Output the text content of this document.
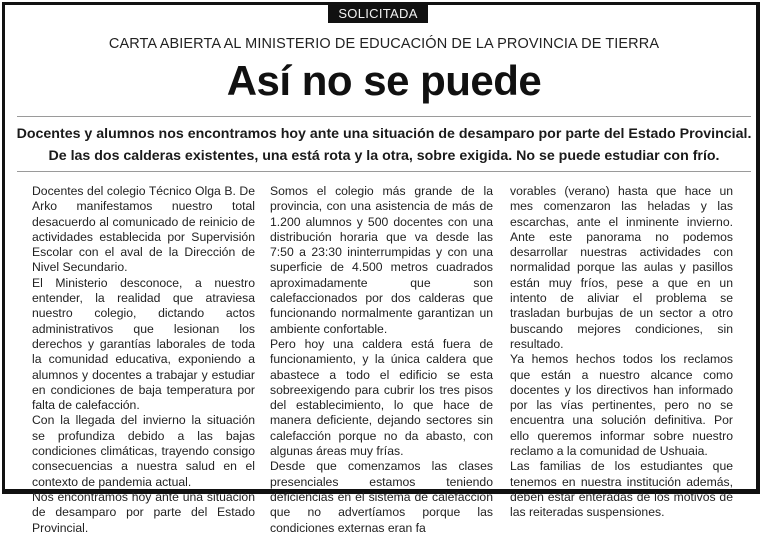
SOLICITADA
CARTA ABIERTA AL MINISTERIO DE EDUCACIÓN DE LA PROVINCIA DE TIERRA
Así no se puede
Docentes y alumnos nos encontramos hoy ante una situación de desamparo por parte del Estado Provincial.
De las dos calderas existentes, una está rota y la otra, sobre exigida. No se puede estudiar con frío.

Docentes del colegio Técnico Olga B. De Arko manifestamos nuestro total desacuerdo al comunicado de reinicio de actividades establecida por Supervisión Escolar con el aval de la Dirección de Nivel Secundario.

El Ministerio desconoce, a nuestro entender, la realidad que atraviesa nuestro colegio, dictando actos administrativos que lesionan los derechos y garantías laborales de toda la comunidad educativa, exponiendo a alumnos y docentes a trabajar y estudiar en condiciones de baja temperatura por falta de calefacción.

Con la llegada del invierno la situación se profundiza debido a las bajas condiciones climáticas, trayendo consigo consecuencias a nuestra salud en el contexto de pandemia actual.

Nos encontramos hoy ante una situación de desamparo por parte del Estado Provincial.

Somos el colegio más grande de la provincia, con una asistencia de más de 1.200 alumnos y 500 docentes con una distribución horaria que va desde las 7:50 a 23:30 ininterrumpidas y con una superficie de 4.500 metros cuadrados aproximadamente que son calefaccionados por dos calderas que funcionando normalmente garantizan un ambiente confortable.

Pero hoy una caldera está fuera de funcionamiento, y la única caldera que abastece a todo el edificio se esta sobreexigendo para cubrir los tres pisos del establecimiento, lo que hace de manera deficiente, dejando sectores sin calefacción porque no da abasto, con algunas áreas muy frías.

Desde que comenzamos las clases presenciales estamos teniendo deficiencias en el sistema de calefacción que no advertíamos porque las condiciones externas eran fa

vorables (verano) hasta que hace un mes comenzaron las heladas y las escarchas, ante el inminente invierno. Ante este panorama no podemos desarrollar nuestras actividades con normalidad porque las aulas y pasillos están muy fríos, pese a que en un intento de aliviar el problema se trasladan burbujas de un sector a otro buscando mejores condiciones, sin resultado.

Ya hemos hechos todos los reclamos que están a nuestro alcance como docentes y los directivos han informado por las vías pertinentes, pero no se encuentra una solución definitiva. Por ello queremos informar sobre nuestro reclamo a la comunidad de Ushuaia.

Las familias de los estudiantes que tenemos en nuestra institución además, deben estar enteradas de los motivos de las reiteradas suspensiones.
